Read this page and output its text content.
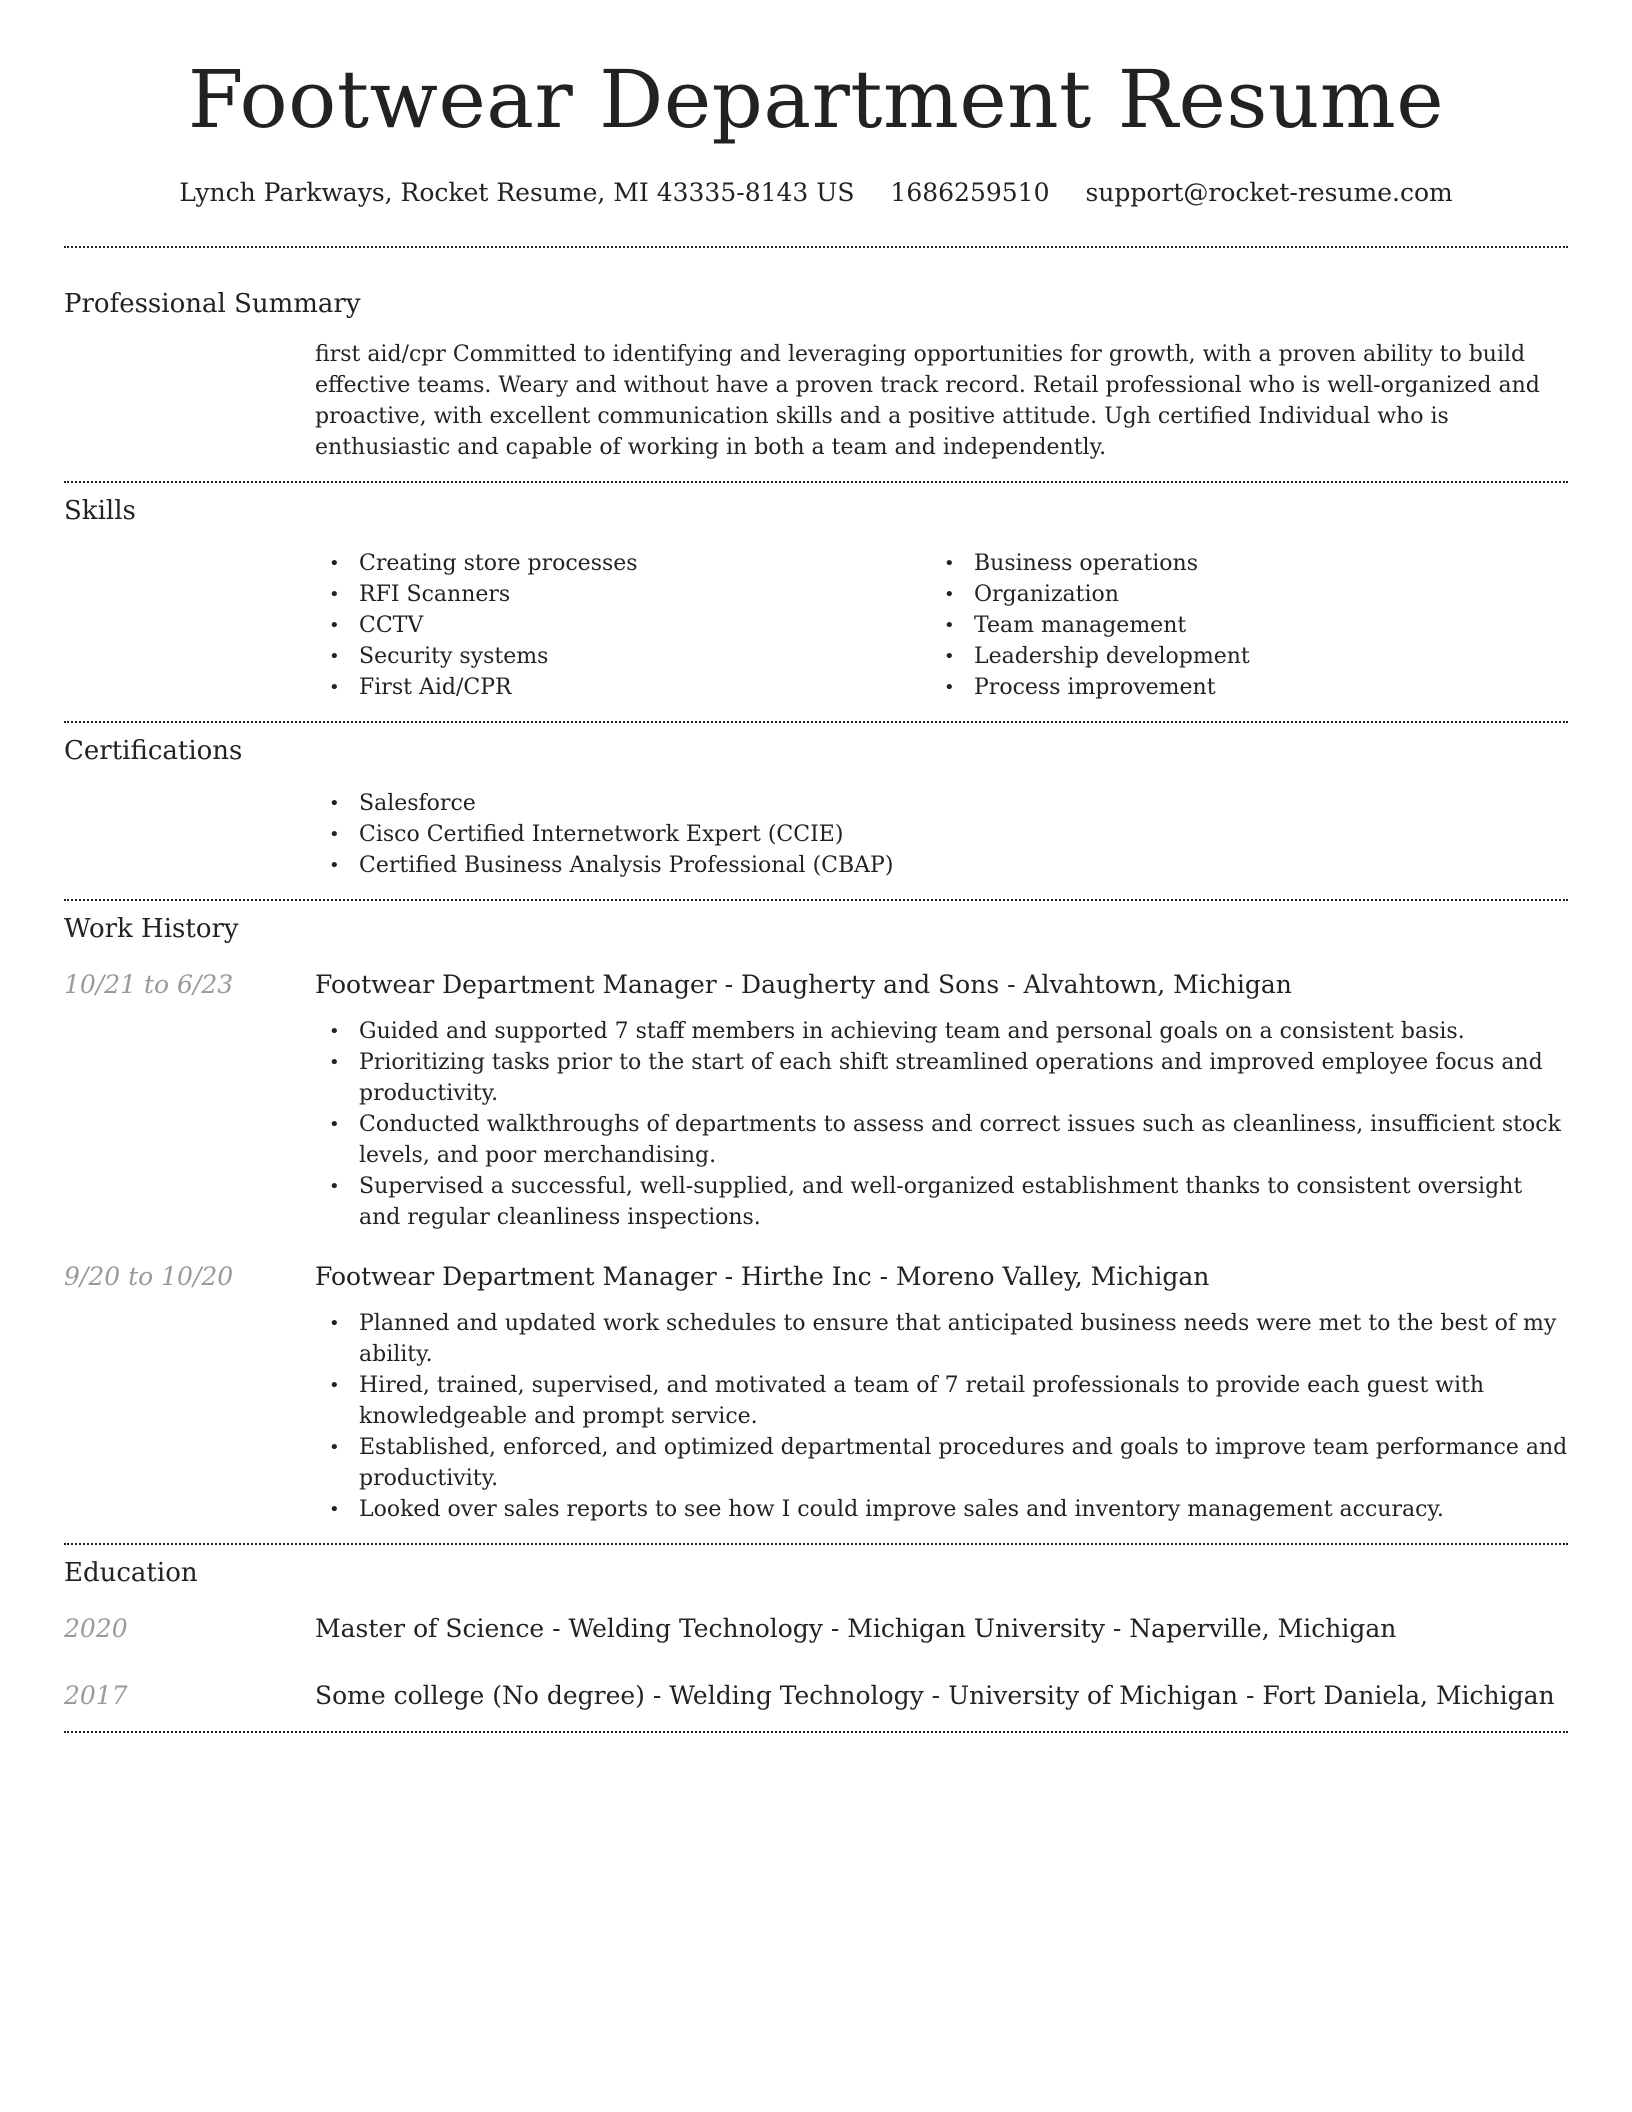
Footwear Department Resume
Lynch Parkways, Rocket Resume, MI 43335-8143 US 1686259510 support@rocket-resume.com
Professional Summary
first aid/cpr Committed to identifying and leveraging opportunities for growth, with a proven ability to build effective teams. Weary and without have a proven track record. Retail professional who is well-organized and proactive, with excellent communication skills and a positive attitude. Ugh certified Individual who is enthusiastic and capable of working in both a team and independently.
Skills
• Creating store processes
• RFI Scanners
• CCTV
• Security systems
• First Aid/CPR
• Business operations
• Organization
• Team management
• Leadership development
• Process improvement
Certifications
• Salesforce
• Cisco Certified Internetwork Expert (CCIE)
• Certified Business Analysis Professional (CBAP)
Work History
10/21 to 6/23	Footwear Department Manager - Daugherty and Sons - Alvahtown, Michigan
• Guided and supported 7 staff members in achieving team and personal goals on a consistent basis.
• Prioritizing tasks prior to the start of each shift streamlined operations and improved employee focus and productivity.
• Conducted walkthroughs of departments to assess and correct issues such as cleanliness, insufficient stock levels, and poor merchandising.
• Supervised a successful, well-supplied, and well-organized establishment thanks to consistent oversight and regular cleanliness inspections.
9/20 to 10/20	Footwear Department Manager - Hirthe Inc - Moreno Valley, Michigan
• Planned and updated work schedules to ensure that anticipated business needs were met to the best of my ability.
• Hired, trained, supervised, and motivated a team of 7 retail professionals to provide each guest with knowledgeable and prompt service.
• Established, enforced, and optimized departmental procedures and goals to improve team performance and productivity.
• Looked over sales reports to see how I could improve sales and inventory management accuracy.
Education
2020	Master of Science - Welding Technology - Michigan University - Naperville, Michigan
2017	Some college (No degree) - Welding Technology - University of Michigan - Fort Daniela, Michigan
